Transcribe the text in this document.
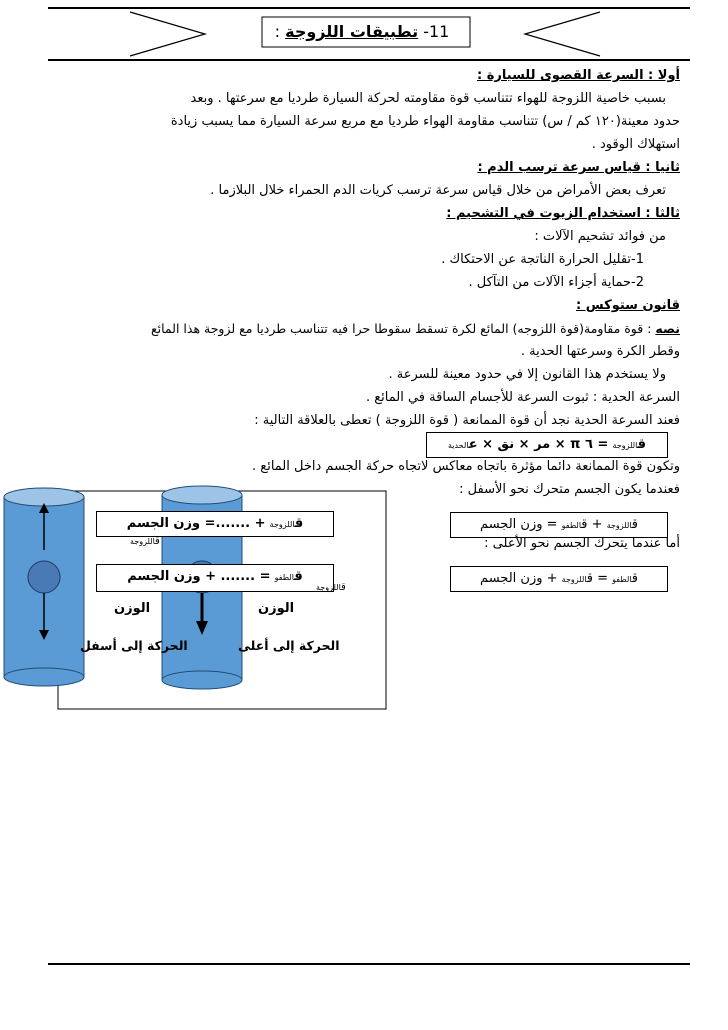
11- تطبيقات اللزوجة :
أولا : السرعة القصوى للسيارة :
بسبب خاصية اللزوجة للهواء تتناسب قوة مقاومته لحركة السيارة طرديا مع سرعتها . وبعد
حدود معينة(١٢٠ كم / س) تتناسب مقاومة الهواء طرديا مع مربع سرعة السيارة مما يسبب زيادة
استهلاك الوقود .
ثانيا : قياس سرعة ترسب الدم :
تعرف بعض الأمراض من خلال قياس سرعة ترسب كريات الدم الحمراء خلال البلازما .
ثالثا : استخدام الزيوت في التشحيم :
من فوائد تشحيم الآلات :
1-تقليل الحرارة الناتجة عن الاحتكاك .
2-حماية أجزاء الآلات من التآكل .
قانون ستوكس :
نصه : قوة مقاومة(قوة اللزوجه) المائع لكرة تسقط سقوطا حرا فيه تتناسب طرديا مع لزوجة هذا المائع
وقطر الكرة وسرعتها الحدية .
ولا يستخدم هذا القانون إلا في حدود معينة للسرعة .
السرعة الحدية : ثبوت السرعة للأجسام الساقة في المائع .
فعند السرعة الحدية نجد أن قوة الممانعة ( قوة اللزوجة ) تعطى بالعلاقة التالية :
قاللزوجة = ٦ π × مر × نق × عالحدية
وتكون قوة الممانعة دائما مؤثرة باتجاه معاكس لاتجاه حركة الجسم داخل المائع .
فعندما يكون الجسم متحرك نحو الأسفل :
قاللزوجة + قالطفو = وزن الجسم
أما عندما يتحرك الجسم نحو الأعلى :
قالطفو = قاللزوجة + وزن الجسم
قاللزوجة + .......= وزن الجسم
قالطفو = ....... + وزن الجسم
قاللزوجة
قاللزوجة
الوزن	الوزن
الحركة إلى أعلى
الحركة إلى أسفل
